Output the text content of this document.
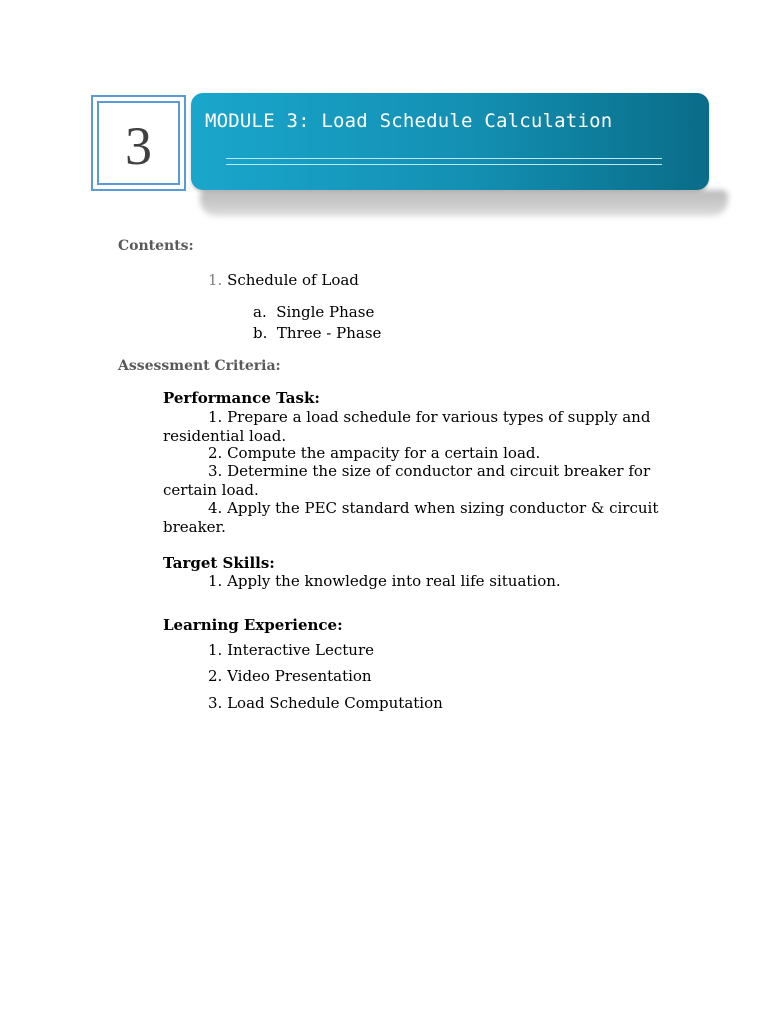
3	MODULE 3: Load Schedule Calculation
Contents:
1. Schedule of Load
a. Single Phase
b. Three - Phase
Assessment Criteria:
Performance Task:
1. Prepare a load schedule for various types of supply and
residential load.
2. Compute the ampacity for a certain load.
3. Determine the size of conductor and circuit breaker for
certain load.
4. Apply the PEC standard when sizing conductor & circuit
breaker.
Target Skills:
1. Apply the knowledge into real life situation.
Learning Experience:
1. Interactive Lecture
2. Video Presentation
3. Load Schedule Computation
